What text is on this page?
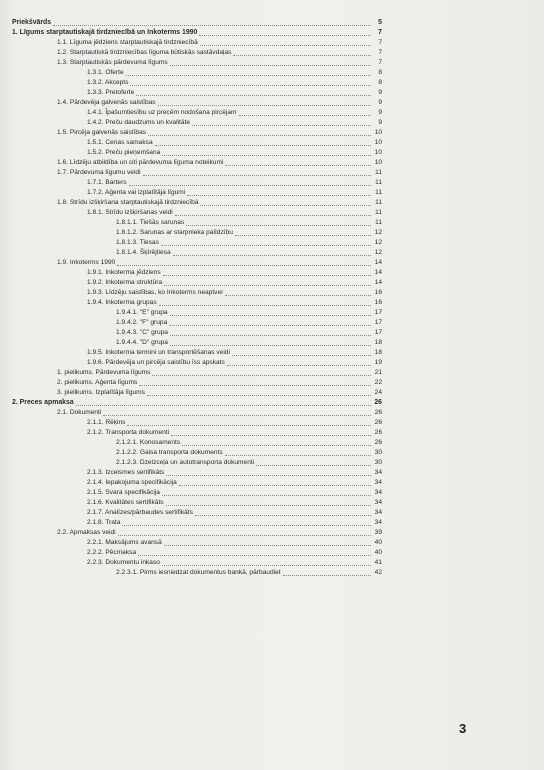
Priekšvārds	5
1. Līgums starptautiskajā tirdzniecībā un Inkoterms 1990	7
1.1. Līguma jēdziens starptautiskajā tirdzniecībā	7
1.2. Starptautiskā tirdzniecības līguma būtiskās sastāvdaļas	7
1.3. Starptautiskās pārdevuma līgums	7
1.3.1. Oferte	8
1.3.2. Akcepts	8
1.3.3. Pretoferte	9
1.4. Pārdevēja galvenās saistības	9
1.4.1. Īpašumtiesību uz precēm nodošana pircējam	9
1.4.2. Preču daudzums un kvalitāte	9
1.5. Pircēja galvenās saistības	10
1.5.1. Cenas samaksa	10
1.5.2. Preču pieņemšana	10
1.6. Līdzēju atbildība un citi pārdevuma līguma noteikumi	10
1.7. Pārdevuma līgumu veidi	11
1.7.1. Barters	11
1.7.2. Aģenta vai izplatītāja līgumi	11
1.8. Strīdu izšķiršana starptautiskajā tirdzniecībā	11
1.8.1. Strīdu izšķiršanas veidi	11
1.8.1.1. Tiešās sarunas	11
1.8.1.2. Sarunas ar starpnieka palīdzību	12
1.8.1.3. Tiesas	12
1.8.1.4. Šķīrējtiesa	12
1.9. Inkoterms 1990	14
1.9.1. Inkoterma jēdziens	14
1.9.2. Inkoterma struktūra	14
1.9.3. Līdzēju saistības, ko Inkoterms neaptver	16
1.9.4. Inkoterma grupas	16
1.9.4.1. "E" grupa	17
1.9.4.2. "F" grupa	17
1.9.4.3. "C" grupa	17
1.9.4.4. "D" grupa	18
1.9.5. Inkoterma termini un transportēšanas veidi	18
1.9.6. Pārdevēja un pircēja saistību īss apskats	19
1. pielikums. Pārdevuma līgums	21
2. pielikums. Aģenta līgums	22
3. pielikums. Izplatītāja līgums	24
2. Preces apmaksa	26
2.1. Dokumenti	26
2.1.1. Rēķins	26
2.1.2. Transporta dokumenti	26
2.1.2.1. Konosaments	26
2.1.2.2. Gaisa transporta dokuments	30
2.1.2.3. Dzelzceļa un autotransporta dokumenti	30
2.1.3. Izcelsmes sertifikāts	34
2.1.4. Iepakojuma specifikācija	34
2.1.5. Svara specifikācija	34
2.1.6. Kvalitātes sertifikāts	34
2.1.7. Analīzes/pārbaudes sertifikāts	34
2.1.8. Trata	34
2.2. Apmaksas veidi	39
2.2.1. Maksājums avansā	40
2.2.2. Pēcmaksa	40
2.2.3. Dokumentu inkaso	41
2.2.3.1. Pirms iesniedzat dokumentus bankā, pārbaudiet	42
3
